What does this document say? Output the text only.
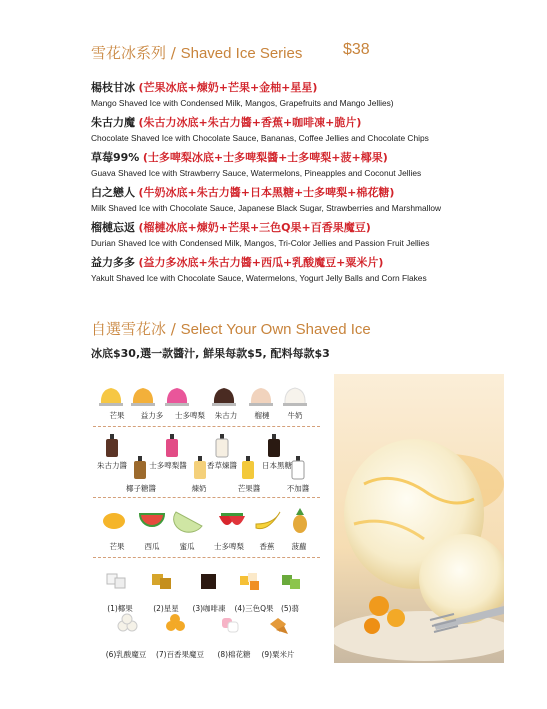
雪花冰系列 / Shaved Ice Series	$38
楊枝甘冰 (芒果冰底+煉奶+芒果+金柚+星星)
Mango Shaved Ice with Condensed Milk, Mangos, Grapefruits and Mango Jellies)
朱古力魔 (朱古力冰底+朱古力醬+香蕉+咖啡凍+脆片)
Chocolate Shaved Ice with Chocolate Sauce, Bananas, Coffee Jellies and Chocolate Chips
草莓99% (士多啤梨冰底+士多啤梨醬+士多啤梨+菠+椰果)
Guava Shaved Ice with Strawberry Sauce, Watermelons, Pineapples and Coconut Jellies
白之戀人 (牛奶冰底+朱古力醬+日本黑糖+士多啤梨+棉花糖)
Milk Shaved Ice with Chocolate Sauce, Japanese Black Sugar, Strawberries and Marshmallow
榴槤忘返 (榴槤冰底+煉奶+芒果+三色Q果+百香果魔豆)
Durian Shaved Ice with Condensed Milk, Mangos, Tri-Color Jellies and Passion Fruit Jellies
益力多多 (益力多冰底+朱古力醬+西瓜+乳酸魔豆+粟米片)
Yakult Shaved Ice with Chocolate Sauce, Watermelons, Yogurt Jelly Balls and Corn Flakes
自選雪花冰 / Select Your Own Shaved Ice
冰底$30,選一款醬汁, 鮮果每款$5, 配料每款$3
芒果 益力多 士多啤梨 朱古力 榴槤 牛奶
朱古力醬	士多啤梨醬	香草煉醬	日本黑糖
椰子糖醬	煉奶	芒果醬	不加醬
芒果	西瓜	蜜瓜	士多啤梨 香蕉 菠蘿
(1)椰果	(2)星星 (3)咖啡凍 (4)三色Q果 (5)蒻
(6)乳酸魔豆 (7)百香果魔豆 (8)棉花糖 (9)粟米片
